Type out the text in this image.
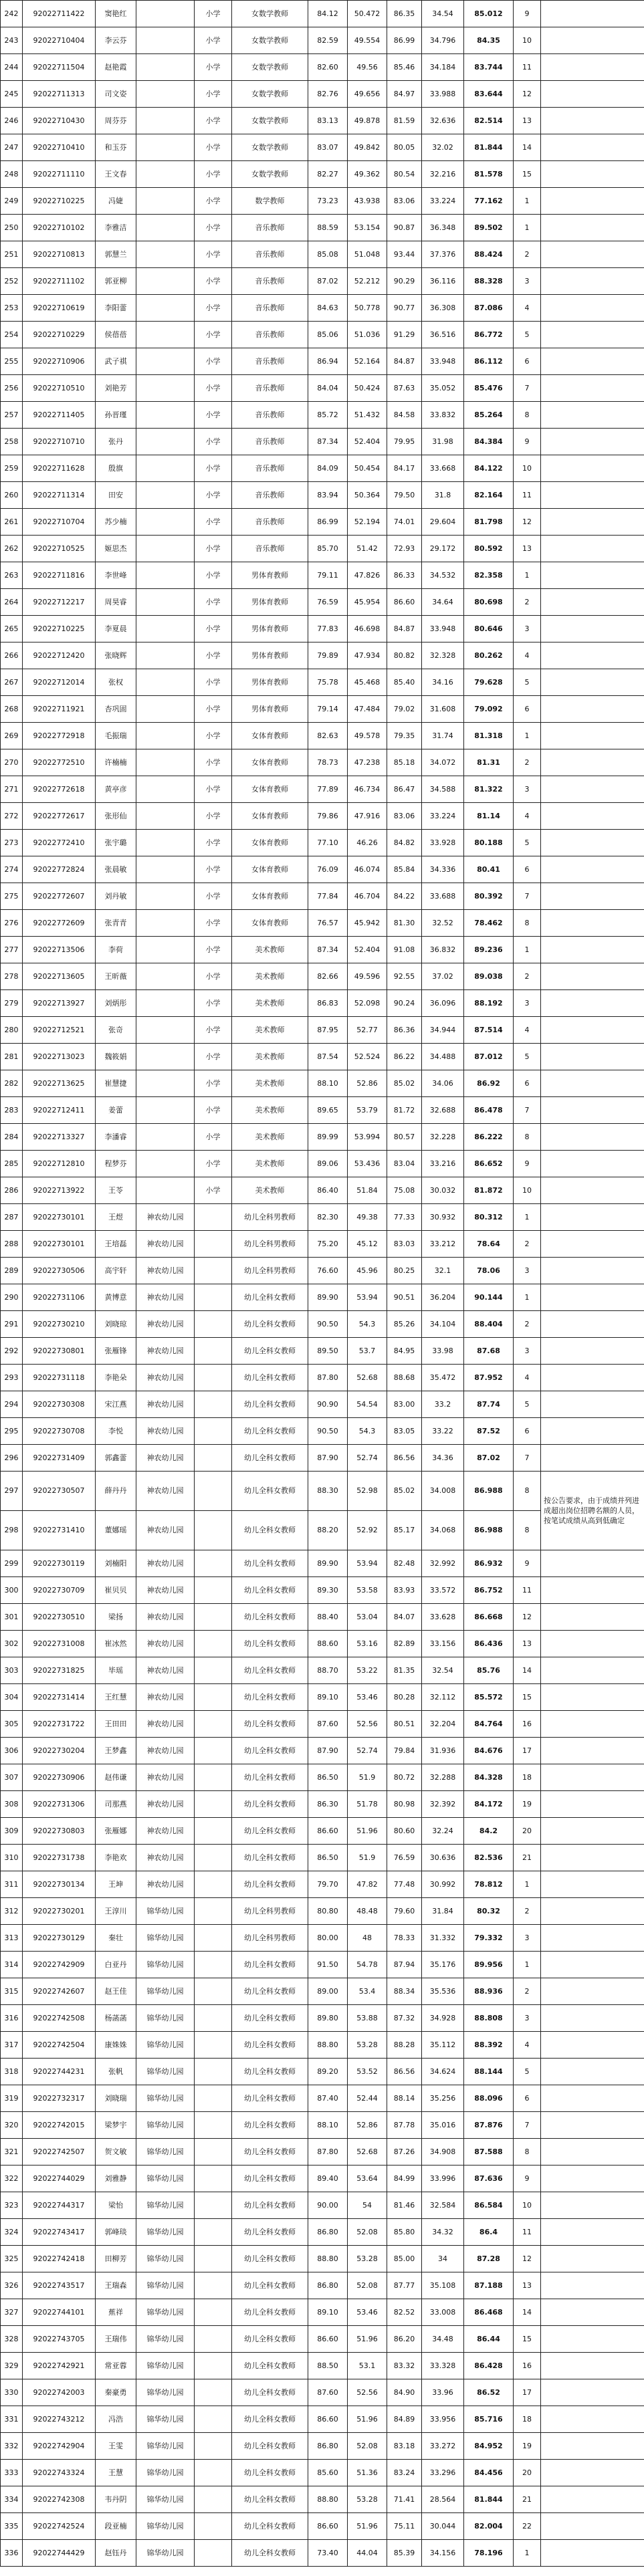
242	92022711422	窦艳红		小学	女数学教师	84.12	50.472	86.35	34.54	85.012	9	
243	92022710404	李云芬		小学	女数学教师	82.59	49.554	86.99	34.796	84.35	10	
244	92022711504	赵艳霞		小学	女数学教师	82.60	49.56	85.46	34.184	83.744	11	
245	92022711313	司文姿		小学	女数学教师	82.76	49.656	84.97	33.988	83.644	12	
246	92022710430	周芬芬		小学	女数学教师	83.13	49.878	81.59	32.636	82.514	13	
247	92022710410	和玉芬		小学	女数学教师	83.07	49.842	80.05	32.02	81.844	14	
248	92022711110	王文春		小学	女数学教师	82.27	49.362	80.54	32.216	81.578	15	
249	92022710225	冯婕		小学	数学教师	73.23	43.938	83.06	33.224	77.162	1	
250	92022710102	李雅洁		小学	音乐教师	88.59	53.154	90.87	36.348	89.502	1	
251	92022710813	郭慧兰		小学	音乐教师	85.08	51.048	93.44	37.376	88.424	2	
252	92022711102	郭亚柳		小学	音乐教师	87.02	52.212	90.29	36.116	88.328	3	
253	92022710619	李阳蕾		小学	音乐教师	84.63	50.778	90.77	36.308	87.086	4	
254	92022710229	侯蓓蓓		小学	音乐教师	85.06	51.036	91.29	36.516	86.772	5	
255	92022710906	武子祺		小学	音乐教师	86.94	52.164	84.87	33.948	86.112	6	
256	92022710510	刘艳芳		小学	音乐教师	84.04	50.424	87.63	35.052	85.476	7	
257	92022711405	孙晋瑾		小学	音乐教师	85.72	51.432	84.58	33.832	85.264	8	
258	92022710710	张丹		小学	音乐教师	87.34	52.404	79.95	31.98	84.384	9	
259	92022711628	殷旗		小学	音乐教师	84.09	50.454	84.17	33.668	84.122	10	
260	92022711314	田安		小学	音乐教师	83.94	50.364	79.50	31.8	82.164	11	
261	92022710704	苏少楠		小学	音乐教师	86.99	52.194	74.01	29.604	81.798	12	
262	92022710525	姬思杰		小学	音乐教师	85.70	51.42	72.93	29.172	80.592	13	
263	92022711816	李世峰		小学	男体育教师	79.11	47.826	86.33	34.532	82.358	1	
264	92022712217	周昊睿		小学	男体育教师	76.59	45.954	86.60	34.64	80.698	2	
265	92022710225	李夏晨		小学	男体育教师	77.83	46.698	84.87	33.948	80.646	3	
266	92022712420	张晓辉		小学	男体育教师	79.89	47.934	80.82	32.328	80.262	4	
267	92022712014	张权		小学	男体育教师	75.78	45.468	85.40	34.16	79.628	5	
268	92022711921	杏巩固		小学	男体育教师	79.14	47.484	79.02	31.608	79.092	6	
269	92022772918	毛振瑞		小学	女体育教师	82.63	49.578	79.35	31.74	81.318	1	
270	92022772510	许楠楠		小学	女体育教师	78.73	47.238	85.18	34.072	81.31	2	
271	92022772618	黄亭彦		小学	女体育教师	77.89	46.734	86.47	34.588	81.322	3	
272	92022772617	张形仙		小学	女体育教师	79.86	47.916	83.06	33.224	81.14	4	
273	92022772410	张宇璐		小学	女体育教师	77.10	46.26	84.82	33.928	80.188	5	
274	92022772824	张晨敏		小学	女体育教师	76.09	46.074	85.84	34.336	80.41	6	
275	92022772607	刘丹敏		小学	女体育教师	77.84	46.704	84.22	33.688	80.392	7	
276	92022772609	张青青		小学	女体育教师	76.57	45.942	81.30	32.52	78.462	8	
277	92022713506	李荷		小学	美术教师	87.34	52.404	91.08	36.832	89.236	1	
278	92022713605	王昕薇		小学	美术教师	82.66	49.596	92.55	37.02	89.038	2	
279	92022713927	刘炳彤		小学	美术教师	86.83	52.098	90.24	36.096	88.192	3	
280	92022712521	张奇		小学	美术教师	87.95	52.77	86.36	34.944	87.514	4	
281	92022713023	魏筱娟		小学	美术教师	87.54	52.524	86.22	34.488	87.012	5	
282	92022713625	崔慧捷		小学	美术教师	88.10	52.86	85.02	34.06	86.92	6	
283	92022712411	姜蕾		小学	美术教师	89.65	53.79	81.72	32.688	86.478	7	
284	92022713327	李潘睿		小学	美术教师	89.99	53.994	80.57	32.228	86.222	8	
285	92022712810	程梦芬		小学	美术教师	89.06	53.436	83.04	33.216	86.652	9	
286	92022713922	王苓		小学	美术教师	86.40	51.84	75.08	30.032	81.872	10	
287	92022730101	王煜	神农幼儿园		幼儿全科男教师	82.30	49.38	77.33	30.932	80.312	1	
288	92022730101	王培磊	神农幼儿园		幼儿全科男教师	75.20	45.12	83.03	33.212	78.64	2	
289	92022730506	高宇轩	神农幼儿园		幼儿全科男教师	76.60	45.96	80.25	32.1	78.06	3	
290	92022731106	黄博意	神农幼儿园		幼儿全科女教师	89.90	53.94	90.51	36.204	90.144	1	
291	92022730210	刘晓琼	神农幼儿园		幼儿全科女教师	90.50	54.3	85.26	34.104	88.404	2	
292	92022730801	张雁锋	神农幼儿园		幼儿全科女教师	89.50	53.7	84.95	33.98	87.68	3	
293	92022731118	李艳朵	神农幼儿园		幼儿全科女教师	87.80	52.68	88.68	35.472	87.952	4	
294	92022730308	宋江燕	神农幼儿园		幼儿全科女教师	90.90	54.54	83.00	33.2	87.74	5	
295	92022730708	李悦	神农幼儿园		幼儿全科女教师	90.50	54.3	83.05	33.22	87.52	6	
296	92022731409	郭鑫蕾	神农幼儿园		幼儿全科女教师	87.90	52.74	86.56	34.36	87.02	7	
297	92022730507	薛丹丹	神农幼儿园		幼儿全科女教师	88.30	52.98	85.02	34.008	86.988	8	按公告要求，由于成绩并列进成超出岗位招聘名额的人员，按笔试成绩从高到低确定
298	92022731410	董娜瑶	神农幼儿园		幼儿全科女教师	88.20	52.92	85.17	34.068	86.988	8	
299	92022730119	刘楠阳	神农幼儿园		幼儿全科女教师	89.90	53.94	82.48	32.992	86.932	9	
300	92022730709	崔贝贝	神农幼儿园		幼儿全科女教师	89.30	53.58	83.93	33.572	86.752	11	
301	92022730510	梁扬	神农幼儿园		幼儿全科女教师	88.40	53.04	84.07	33.628	86.668	12	
302	92022731008	崔冰然	神农幼儿园		幼儿全科女教师	88.60	53.16	82.89	33.156	86.436	13	
303	92022731825	毕瑶	神农幼儿园		幼儿全科女教师	88.70	53.22	81.35	32.54	85.76	14	
304	92022731414	王红慧	神农幼儿园		幼儿全科女教师	89.10	53.46	80.28	32.112	85.572	15	
305	92022731722	王田田	神农幼儿园		幼儿全科女教师	87.60	52.56	80.51	32.204	84.764	16	
306	92022730204	王梦鑫	神农幼儿园		幼儿全科女教师	87.90	52.74	79.84	31.936	84.676	17	
307	92022730906	赵伟谦	神农幼儿园		幼儿全科女教师	86.50	51.9	80.72	32.288	84.328	18	
308	92022731306	司那燕	神农幼儿园		幼儿全科女教师	86.30	51.78	80.98	32.392	84.172	19	
309	92022730803	张雁娜	神农幼儿园		幼儿全科女教师	86.60	51.96	80.60	32.24	84.2	20	
310	92022731738	李艳欢	神农幼儿园		幼儿全科女教师	86.50	51.9	76.59	30.636	82.536	21	
311	92022730134	王坤	神农幼儿园		幼儿全科女教师	79.70	47.82	77.48	30.992	78.812	1	
312	92022730201	王淳川	锦华幼儿园		幼儿全科男教师	80.80	48.48	79.60	31.84	80.32	2	
313	92022730129	秦壮	锦华幼儿园		幼儿全科男教师	80.00	48	78.33	31.332	79.332	3	
314	92022742909	白亚丹	锦华幼儿园		幼儿全科女教师	91.50	54.78	87.94	35.176	89.956	1	
315	92022742607	赵王佳	锦华幼儿园		幼儿全科女教师	89.00	53.4	88.34	35.536	88.936	2	
316	92022742508	杨菡菡	锦华幼儿园		幼儿全科女教师	89.80	53.88	87.32	34.928	88.808	3	
317	92022742504	康姝姝	锦华幼儿园		幼儿全科女教师	88.80	53.28	88.28	35.112	88.392	4	
318	92022744231	张帆	锦华幼儿园		幼儿全科女教师	89.20	53.52	86.56	34.624	88.144	5	
319	92022732317	刘晓瑞	锦华幼儿园		幼儿全科女教师	87.40	52.44	88.14	35.256	88.096	6	
320	92022742015	梁梦宇	锦华幼儿园		幼儿全科女教师	88.10	52.86	87.78	35.016	87.876	7	
321	92022742507	贺文敏	锦华幼儿园		幼儿全科女教师	87.80	52.68	87.26	34.908	87.588	8	
322	92022744029	刘雅静	锦华幼儿园		幼儿全科女教师	89.40	53.64	84.99	33.996	87.636	9	
323	92022744317	梁怡	锦华幼儿园		幼儿全科女教师	90.00	54	81.46	32.584	86.584	10	
324	92022743417	郭峰琰	锦华幼儿园		幼儿全科女教师	86.80	52.08	85.80	34.32	86.4	11	
325	92022742418	田柳芳	锦华幼儿园		幼儿全科女教师	88.80	53.28	85.00	34	87.28	12	
326	92022743517	王瑞森	锦华幼儿园		幼儿全科女教师	86.80	52.08	87.77	35.108	87.188	13	
327	92022744101	蕉祥	锦华幼儿园		幼儿全科女教师	89.10	53.46	82.52	33.008	86.468	14	
328	92022743705	王瑞伟	锦华幼儿园		幼儿全科女教师	86.60	51.96	86.20	34.48	86.44	15	
329	92022742921	常亚蓉	锦华幼儿园		幼儿全科女教师	88.50	53.1	83.32	33.328	86.428	16	
330	92022742003	秦豪勇	锦华幼儿园		幼儿全科女教师	87.60	52.56	84.90	33.96	86.52	17	
331	92022743212	冯浩	锦华幼儿园		幼儿全科女教师	86.60	51.96	84.89	33.956	85.716	18	
332	92022742904	王雯	锦华幼儿园		幼儿全科女教师	86.80	52.08	83.18	33.272	84.952	19	
333	92022743324	王慧	锦华幼儿园		幼儿全科女教师	85.60	51.36	83.24	33.296	84.456	20	
334	92022742308	韦丹阴	锦华幼儿园		幼儿全科女教师	88.80	53.28	71.41	28.564	81.844	21	
335	92022742524	段亚楠	锦华幼儿园		幼儿全科女教师	86.60	51.96	75.11	30.044	82.004	22	
336	92022744429	赵钰丹	锦华幼儿园		幼儿全科女教师	73.40	44.04	85.39	34.156	78.196	1	
